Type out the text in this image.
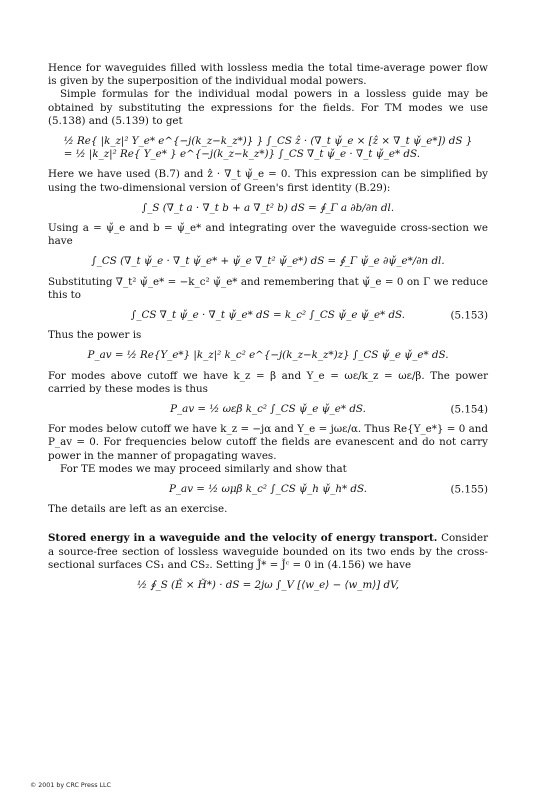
Hence for waveguides filled with lossless media the total time-average power flow is given by the superposition of the individual modal powers.

Simple formulas for the individual modal powers in a lossless guide may be obtained by substituting the expressions for the fields. For TM modes we use (5.138) and (5.139) to get

½ Re{ |k_z|² Y_e* e^{−j(k_z−k_z*)} } ∫_CS ẑ · (∇_t ψ̌_e × [ẑ × ∇_t ψ̌_e*]) dS }
= ½ |k_z|² Re{ Y_e* } e^{−j(k_z−k_z*)} ∫_CS ∇_t ψ̌_e · ∇_t ψ̌_e* dS.

Here we have used (B.7) and ẑ · ∇_t ψ̌_e = 0. This expression can be simplified by using the two-dimensional version of Green's first identity (B.29):

∫_S (∇_t a · ∇_t b + a ∇_t² b) dS = ∮_Γ a ∂b/∂n dl.

Using a = ψ̌_e and b = ψ̌_e* and integrating over the waveguide cross-section we have

∫_CS (∇_t ψ̌_e · ∇_t ψ̌_e* + ψ̌_e ∇_t² ψ̌_e*) dS = ∮_Γ ψ̌_e ∂ψ̌_e*/∂n dl.

Substituting ∇_t² ψ̌_e* = −k_c² ψ̌_e* and remembering that ψ̌_e = 0 on Γ we reduce this to

∫_CS ∇_t ψ̌_e · ∇_t ψ̌_e* dS = k_c² ∫_CS ψ̌_e ψ̌_e* dS.	(5.153)

Thus the power is

P_av = ½ Re{Y_e*} |k_z|² k_c² e^{−j(k_z−k_z*)z} ∫_CS ψ̌_e ψ̌_e* dS.

For modes above cutoff we have k_z = β and Y_e = ωε/k_z = ωε/β. The power carried by these modes is thus

P_av = ½ ωεβ k_c² ∫_CS ψ̌_e ψ̌_e* dS.	(5.154)

For modes below cutoff we have k_z = −jα and Y_e = jωε/α. Thus Re{Y_e*} = 0 and P_av = 0. For frequencies below cutoff the fields are evanescent and do not carry power in the manner of propagating waves.

For TE modes we may proceed similarly and show that

P_av = ½ ωμβ k_c² ∫_CS ψ̌_h ψ̌_h* dS.	(5.155)

The details are left as an exercise.

Stored energy in a waveguide and the velocity of energy transport. Consider a source-free section of lossless waveguide bounded on its two ends by the cross-sectional surfaces CS₁ and CS₂. Setting J̌* = J̌ᶜ = 0 in (4.156) we have

½ ∮_S (Ě × Ȟ*) · dS = 2jω ∫_V [⟨w_e⟩ − ⟨w_m⟩] dV,
© 2001 by CRC Press LLC
